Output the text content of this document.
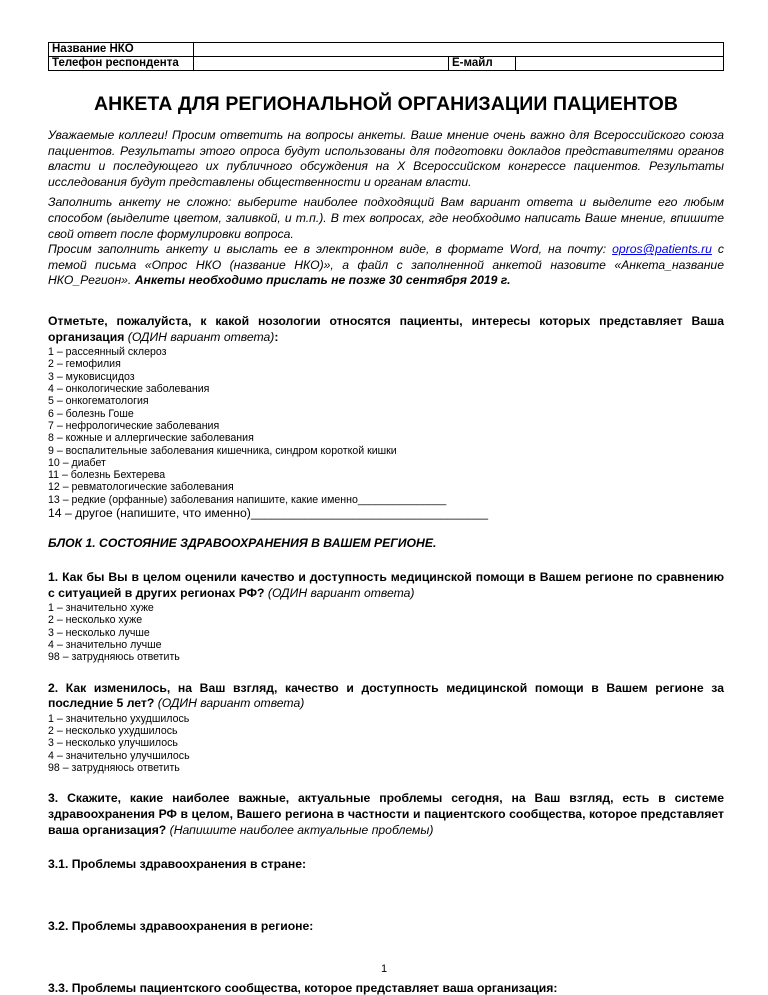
Название НКО			
Телефон респондента		Е-майл	
АНКЕТА ДЛЯ РЕГИОНАЛЬНОЙ ОРГАНИЗАЦИИ ПАЦИЕНТОВ

Уважаемые коллеги! Просим ответить на вопросы анкеты. Ваше мнение очень важно для Всероссийского союза пациентов. Результаты этого опроса будут использованы для подготовки докладов представителями органов власти и последующего их публичного обсуждения на X Всероссийском конгрессе пациентов. Результаты исследования будут представлены общественности и органам власти.

Заполнить анкету не сложно: выберите наиболее подходящий Вам вариант ответа и выделите его любым способом (выделите цветом, заливкой, и т.п.). В тех вопросах, где необходимо написать Ваше мнение, впишите свой ответ после формулировки вопроса.
Просим заполнить анкету и выслать ее в электронном виде, в формате Word, на почту: opros@patients.ru с темой письма «Опрос НКО (название НКО)», а файл с заполненной анкетой назовите «Анкета_название НКО_Регион». Анкеты необходимо прислать не позже 30 сентября 2019 г.

Отметьте, пожалуйста, к какой нозологии относятся пациенты, интересы которых представляет Ваша организация (ОДИН вариант ответа):

1 – рассеянный склероз
2 – гемофилия
3 – муковисцидоз
4 – онкологические заболевания
5 – онкогематология
6 – болезнь Гоше
7 – нефрологические заболевания
8 – кожные и аллергические заболевания
9 – воспалительные заболевания кишечника, синдром короткой кишки
10 – диабет
11 – болезнь Бехтерева
12 – ревматологические заболевания
13 – редкие (орфанные) заболевания напишите, какие именно_______________
14 – другое (напишите, что именно)___________________________________

БЛОК 1. СОСТОЯНИЕ ЗДРАВООХРАНЕНИЯ В ВАШЕМ РЕГИОНЕ.

1. Как бы Вы в целом оценили качество и доступность медицинской помощи в Вашем регионе по сравнению с ситуацией в других регионах РФ? (ОДИН вариант ответа)

1 – значительно хуже
2 – несколько хуже
3 – несколько лучше
4 – значительно лучше
98 – затрудняюсь ответить

2. Как изменилось, на Ваш взгляд, качество и доступность медицинской помощи в Вашем регионе за последние 5 лет? (ОДИН вариант ответа)

1 – значительно ухудшилось
2 – несколько ухудшилось
3 – несколько улучшилось
4 – значительно улучшилось
98 – затрудняюсь ответить

3. Скажите, какие наиболее важные, актуальные проблемы сегодня, на Ваш взгляд, есть в системе здравоохранения РФ в целом, Вашего региона в частности и пациентского сообщества, которое представляет ваша организация? (Напишите наиболее актуальные проблемы)

3.1. Проблемы здравоохранения в стране:

3.2. Проблемы здравоохранения в регионе:

3.3. Проблемы пациентского сообщества, которое представляет ваша организация:

1
